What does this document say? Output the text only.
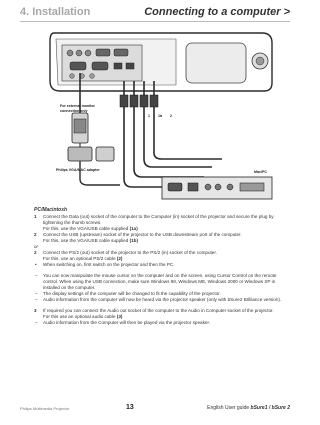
4. Installation	Connecting to a computer >
1 1b 2
For external monitor connection only
Philips VGA/MAC adapter	Mac/PC
PC/Macintosh
1 Connect the Data (out) socket of the computer to the Computer (in) socket of the projector and secure the plug by tightening the thumb screws.
For this, use the VGA/USB cable supplied (1a)
2 Connect the USB (upstream) socket of the projector to the USB downstream port of the computer.
For this, use the VGA/USB cable supplied (1b)
or
2 Connect the PS/2 (out) socket of the projector to the PS/2 (in) socket of the computer.
For this, use an optional PS/2 cable (2)
• When switching on, first switch on the projector and then the PC.
– You can now manipulate the mouse cursor on the computer and on the screen, using Cursor Control on the remote control. When using the USB connection, make sure Windows 98, Windows ME, Windows 2000 or Windows XP is installed on the computer.
– The display settings of the computer will be changed to fit the capability of the projector.
– Audio information from the computer will now be heard via the projector speaker (only with bSure2 Brilliance version).
3 If required you can connect the Audio out socket of the computer to the Audio in Computer socket of the projector.
For this use an optional audio cable (3)
– Audio information from the Computer will then be played via the projector speaker.
Philips Multimedia Projector	13	English User guide bSure1 / bSure 2
